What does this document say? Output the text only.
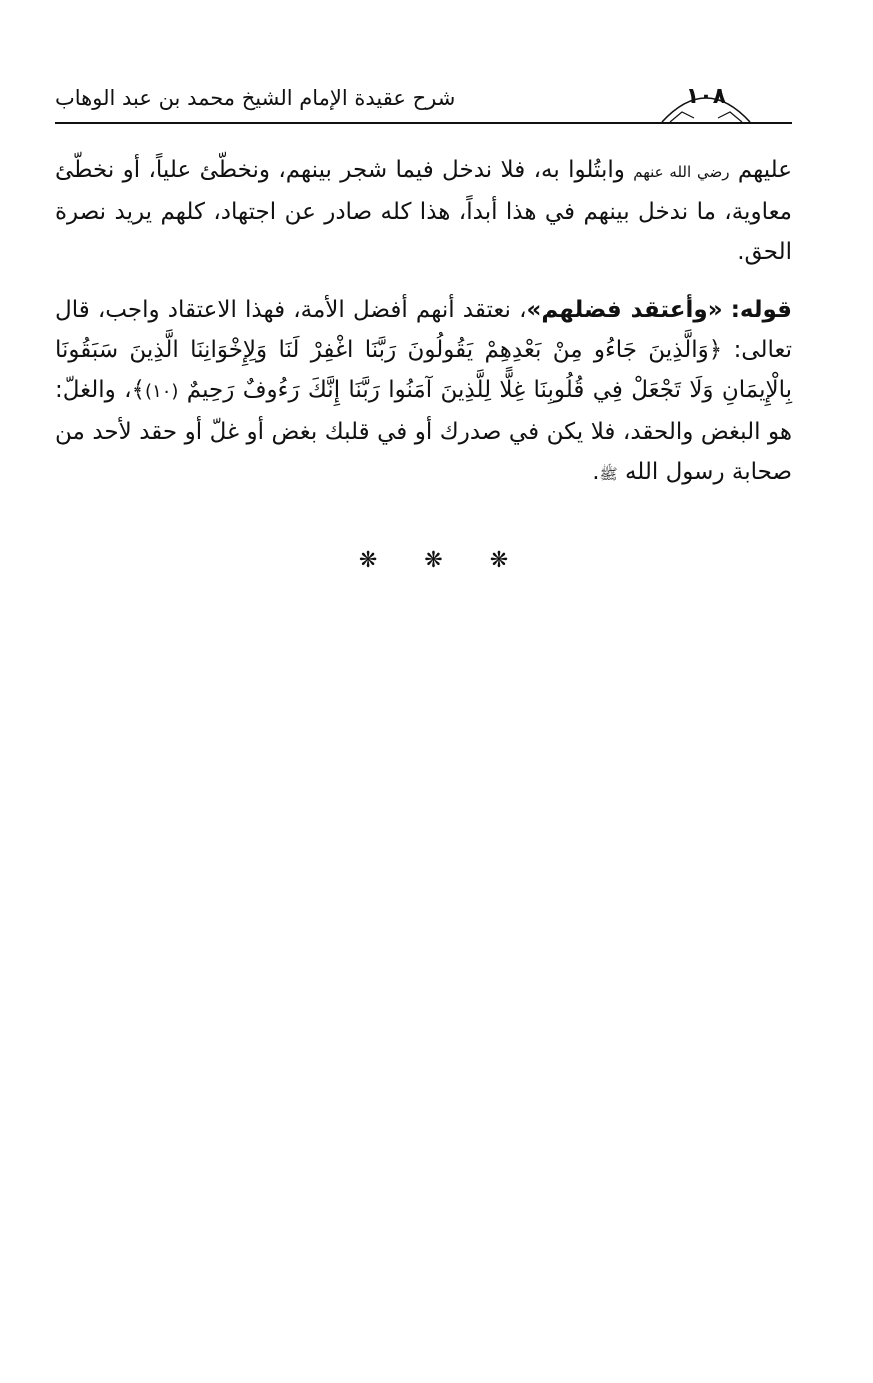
شرح عقيدة الإمام الشيخ محمد بن عبد الوهاب	١٠٨

عليهم رضي الله عنهم وابتُلوا به، فلا ندخل فيما شجر بينهم، ونخطّئ علياً، أو نخطّئ معاوية، ما ندخل بينهم في هذا أبداً، هذا كله صادر عن اجتهاد، كلهم يريد نصرة الحق.

قوله: «وأعتقد فضلهم»، نعتقد أنهم أفضل الأمة، فهذا الاعتقاد واجب، قال تعالى: ﴿وَالَّذِينَ جَاءُو مِنْ بَعْدِهِمْ يَقُولُونَ رَبَّنَا اغْفِرْ لَنَا وَلِإِخْوَانِنَا الَّذِينَ سَبَقُونَا بِالْإِيمَانِ وَلَا تَجْعَلْ فِي قُلُوبِنَا غِلًّا لِلَّذِينَ آمَنُوا رَبَّنَا إِنَّكَ رَءُوفٌ رَحِيمٌ (١٠)﴾، والغلّ: هو البغض والحقد، فلا يكن في صدرك أو في قلبك بغض أو غلّ أو حقد لأحد من صحابة رسول الله ﷺ.

❋ ❋ ❋
